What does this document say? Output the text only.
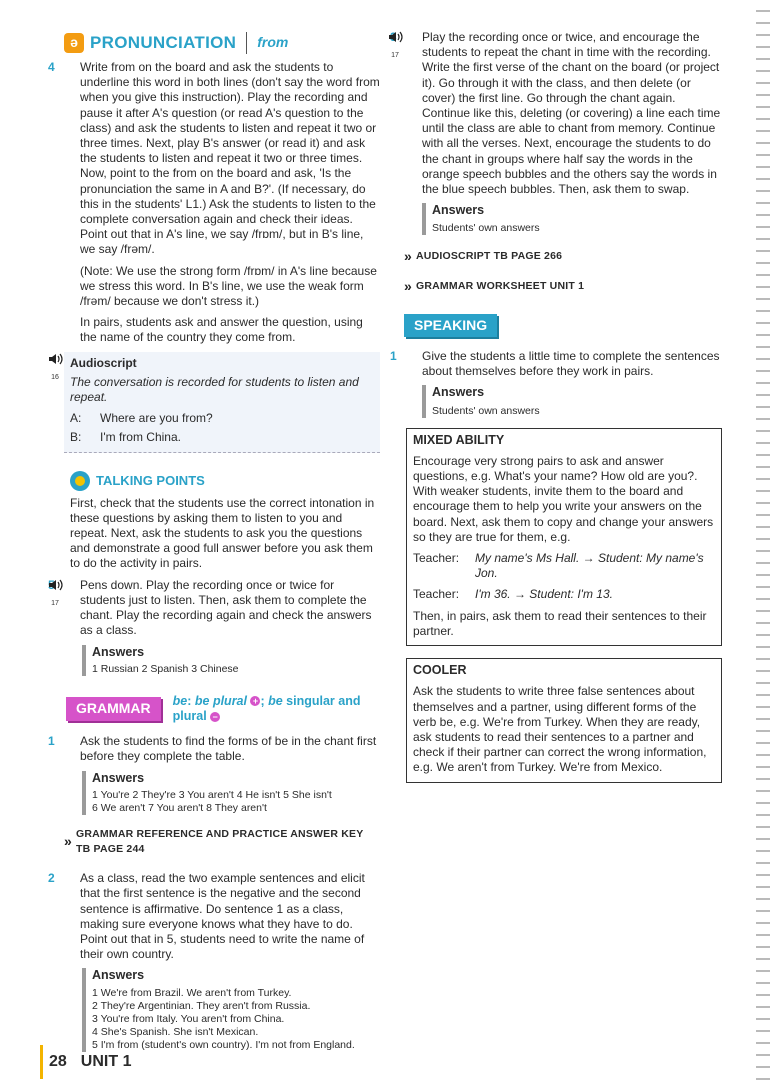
ə PRONUNCIATION from

4 Write from on the board and ask the students to underline this word in both lines (don't say the word from when you give this instruction). Play the recording and pause it after A's question (or read A's question to the class) and ask the students to listen and repeat it two or three times. Next, play B's answer (or read it) and ask the students to listen and repeat it two or three times. Now, point to the from on the board and ask, 'Is the pronunciation the same in A and B?'. (If necessary, do this in the students' L1.) Ask the students to listen to the complete conversation again and check their ideas. Point out that in A's line, we say /frɒm/, but in B's line, we say /frəm/.

(Note: We use the strong form /frɒm/ in A's line because we stress this word. In B's line, we use the weak form /frəm/ because we don't stress it.)

In pairs, students ask and answer the question, using the name of the country they come from.

16
Audioscript
The conversation is recorded for students to listen and repeat.
A:	Where are you from?
B:	I'm from China.
TALKING POINTS

First, check that the students use the correct intonation in these questions by asking them to listen to you and repeat. Next, ask the students to ask you the questions and demonstrate a good full answer before you ask them to do the activity in pairs.

17

Pens down. Play the recording once or twice for students just to listen. Then, ask them to complete the chant. Play the recording again and check the answers as a class.

Answers
1 Russian 2 Spanish 3 Chinese
GRAMMAR	be: be plural + ; be singular and plural −

1 Ask the students to find the forms of be in the chant first before they complete the table.

Answers
1 You're 2 They're 3 You aren't 4 He isn't 5 She isn't
6 We aren't 7 You aren't 8 They aren't
» GRAMMAR REFERENCE AND PRACTICE ANSWER KEY TB PAGE 244

2 As a class, read the two example sentences and elicit that the first sentence is the negative and the second sentence is affirmative. Do sentence 1 as a class, making sure everyone knows what they have to do. Point out that in 5, students need to write the name of their own country.

Answers
1 We're from Brazil. We aren't from Turkey.
2 They're Argentinian. They aren't from Russia.
3 You're from Italy. You aren't from China.
4 She's Spanish. She isn't Mexican.
5 I'm from (student's own country). I'm not from England.
17

Play the recording once or twice, and encourage the students to repeat the chant in time with the recording. Write the first verse of the chant on the board (or project it). Go through it with the class, and then delete (or cover) the first line. Go through the chant again. Continue like this, deleting (or covering) a line each time until the class are able to chant from memory. Continue with all the verses. Next, encourage the students to do the chant in groups where half say the words in the orange speech bubbles and the others say the words in the blue speech bubbles. Then, ask them to swap.

Answers
Students' own answers
» AUDIOSCRIPT TB PAGE 266
» GRAMMAR WORKSHEET UNIT 1
SPEAKING

1 Give the students a little time to complete the sentences about themselves before they work in pairs.

Answers
Students' own answers
MIXED ABILITY

Encourage very strong pairs to ask and answer questions, e.g. What's your name? How old are you?. With weaker students, invite them to the board and encourage them to help you write your answers on the board. Next, ask them to copy and change your answers so they are true for them, e.g.

Teacher:	My name's Ms Hall. → Student: My name's Jon.
Teacher:	I'm 36. → Student: I'm 13.

Then, in pairs, ask them to read their sentences to their partner.

COOLER

Ask the students to write three false sentences about themselves and a partner, using different forms of the verb be, e.g. We're from Turkey. When they are ready, ask students to read their sentences to a partner and check if their partner can correct the wrong information, e.g. We aren't from Turkey. We're from Mexico.

28 UNIT 1
